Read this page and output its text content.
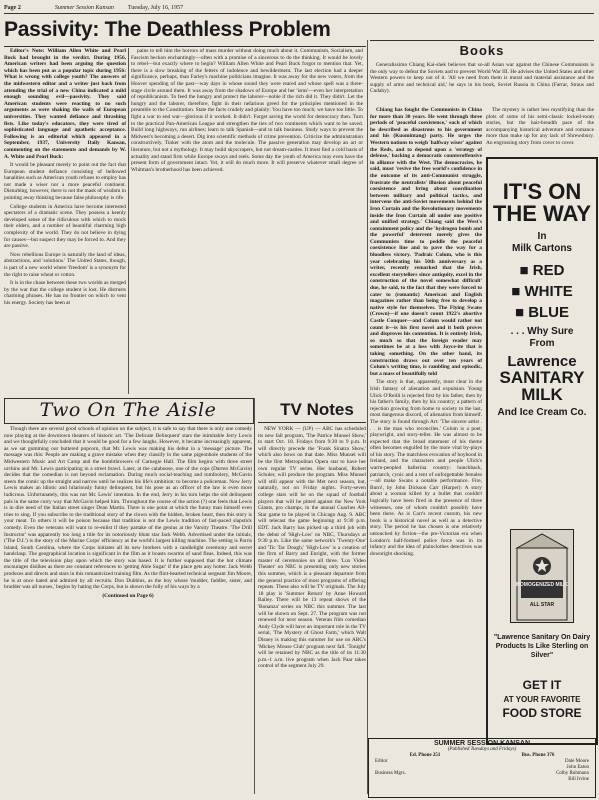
Page 2	Summer Session Kansan Tuesday, July 16, 1957
Passivity: The Deathless Problem

Editor's Note: William Allen White and Pearl Buck had brought in the verdict. During 1956, American writers had been arguing the question which has been put as a popular topic during 1956: What is wrong with college youth? The answers of the midwestern editor and a writer just back from attending the trial of a new China indicated a mild enough sounding evil—passivity. They said American students were reacting to no such arguments as were shaking the walls of European universities. They wanted defiance and thrashing fists. Like today's educators, they were tired of sophisticated language and apathetic acceptance. Following is an editorial which appeared in a September, 1937, University Daily Kansan, commenting on the statements and demands by W. A. White and Pearl Buck:

It would be pleasant merely to point out the fact that European student defiance consisting of bellowed banalities such as American youth refuses to employ has not made a wiser nor a more peaceful continent. Disturbing, however, there is not the mask of wisdom in pointing away thinking because false philosophy is rife.

College students in America have become interested spectators of a dramatic scene. They possess a keenly developed sense of the ridiculous with which to mock their elders, and a number of beautiful charming high complexity of the world. They do not believe in dying for causes—but suspect they may be forced to. And they are passive.

Now rebellious Europe is naturally the land of ideas, abstractions, and 'solutions.' The United States, though, is part of a new world where 'freedom' is a synonym for the right to raise wheat or cotton.

It is in the chase between these two worlds as merged by the war that the college student is lost. He distrusts charming phrases. He has no frontier on which to vent his energy. Society has been at

pains to tell him the horrors of mass murder without doing much about it. Communism, Socialism, and Fascism beckon enchantingly—often with a promise of a sincerous to do the thinking. It would be lovely to rebel—but exactly where to begin? William Allen White and Pearl Buck forgot to mention that. Yet, there is a slow breaking of the fetters of indolence and bewilderment. The last election had a deeper significance, perhaps, than Farley's machine politicians imagine. It was away for the new voters, from the Hoover spending of the past—way days in whose sound they were reared and whose spell was a three-stage circle around them. It was away from the shadows of Europe and her 'isms'—even her interpretation of republicanism. To feed the hungry and protect the laborer—noble if the rich did it. They didn't. Let the hungry and the laborer, therefore, fight in their nefarious greed for the principles mentioned in the preamble to the Constitution. State the facts crudely and plainly: You have too much; we have too little. To fight a war to end war—glorious if it worked. It didn't. Forget saving the world for democracy then. Turn to the practical Pan-American League and strengthen the ties of two continents which want to be saved. Build long highways, run airlines; learn to talk Spanish—and to talk business. Study ways to prevent the Midwest's becoming a desert. Dig into scientific methods of crime prevention. Criticize the administration constructively. Tinker with the atom and the molecule. The passive generation may develop an art or literature, but not a mythology. It may build skyscrapers, but not dream-castles. It must find a cold basis of actuality and stand firm while Europe sways and reels. Some day the youth of America may even have the present form of government intact. Yet, it will do much more. It will preserve whatever small degree of Whitman's brotherhood has been achieved.

Two On The Aisle

Though there are several good schools of opinion on the subject, it is safe to say that there is only one comedy now playing at the downtown theaters of historic art. 'The Delicate Delinquent' stars the inimitable Jerry Lewis and we thoughtfully concluded that it would be good for a few laughs. However, it became increasingly apparent, as we sat gumming our buttered popcorn, that Mr. Lewis was making his debut in a 'message' picture. The message was this: People are making a grave mistake when they classify in the same pigeonhole students of the Midwestern Music and Art Camp and the bombthrowers of Carnegie Hall. The film begins with three street urchins and Mr. Lewis participating in a street brawl. Later, at the calaboose, one of the cops (Darren McGavin) decides that the comedian is not beyond reclamation. During much social-teaching and tomfoolery, McGavin steers the comic up the straight and narrow until he realizes his life's ambition: to become a policeman. Now Jerry Lewis makes an idiotic and hilariously funny delinquent, but his pose as an officer of the law is even more ludicrous. Unfortunately, this was not Mr. Lewis' intention. In the end, Jerry in his turn helps the old delinquent pals in the same curry way that McGavin helped him. Throughout the course of the action (?) one feels that Lewis is in dire need of the Italian street singer Dean Martin. There is one point at which the funny man himself even tries to sing. If you subscribe to the traditional story of the clown with the hidden, broken heart, then this story is your meat. To others it will be poison because that tradition is not the Lewis tradition of fast-paced slapstick comedy. Even the veterans will want to re-enlist if they partake of the genius at the Varsity Theatre. 'The Drill Instructor' was apparently too long a title for its notoriously blunt star Jack Webb. Advertised under the initials, ('The D.I.') is the story of the Marine Corps' efficiency as the world's largest killing machine. The setting is Parris Island, South Carolina, where the Corps initiates all its new brothers with a candlelight ceremony and secret handclasp. The geographical location is significant in the film as it boasts swarms of sand fleas. Indeed, this was the title of the television play upon which the story was based. It is further supposed that the hot climate encourages dislikes as there are constant references to 'getting Able Sugar' if the place gets any hotter. Jack Webb produces and directs and stars in this romanticized training film. As the flint-hearted technical sergeant Jim Moore, he is at once hated and admired by all recruits. Don Dubbins, as the boy whose 'mudder, faddler, sister, and brudder was all nurses,' begins by hating the Corps, but is shown the folly of his ways by a

(Continued on Page 6)

TV Notes

NEW YORK — (UP) — ABC has scheduled its new fall program, 'The Patrice Munsel Show,' to start Oct. 18. Fridays from 9:30 to 9 p.m. It will directly precede the 'Frank Sinatra Show,' which also bows on that date. Miss Munsel will be the first Metropolitan Opera star to have her own regular TV series. Her husband, Robert Schuler, will produce the program. Miss Munsel will still appear with the Met next season, but, naturally, not on Friday nights. Forty-seven college stars will be on the squad of football players that will be pitted against the New York Giants, pro champs, in the annual Coaches All-Star game to be played in Chicago Aug. 9. ABC will telecast the game beginning at 9:30 p.m. EDT. Jack Barry has picked up a third job with the debut of 'High-Low' on NBC, Thursdays at 9:30 p.m. Like the same network's 'Twenty-One' and 'Tic Tac Dough,' 'High-Low' is a creation of the firm of Barry and Enright, with the former master of ceremonies on all three. 'Lux Video Theater' on NBC is presenting only new stories this summer, which is a pleasant departure from the general practice of most programs of offering repeats. These also will be TV originals. The July 18 play is 'Summer Return' by Anne Howard Bailey. There will be 13 repeat shows of the 'Bonanza' series on NBC this summer. The last will be shown on Sept. 27. The program was not renewed for next season. Veteran film comedian Andy Clyde will have an important role in the TV serial, 'The Mystery of Ghost Farm,' which Walt Disney is making this summer for use on ABC's 'Mickey Mouse Club' program next fall. 'Tonight' will be retained by NBC as the title of its 11:30 p.m.-1 a.m. live program when Jack Paar takes control of the segment July 29.

Books

Generalissimo Chiang Kai-shek believes that so-all Asian war against the Chinese Communists is the only way to defeat the Soviets and to prevent World War III. He advises the United States and other Western powers to keep out of it. 'All we need from them is moral and material assistance and the supply of arms and technical aid,' he says in his book, Soviet Russia in China (Farrar, Straus and Cudahy).

Chiang has fought the Communists in China for more than 30 years. He went through three periods of 'peaceful coexistence,' each of which he described as disastrous to his government and his (Kuomintang) party. He urges the Western nations to weigh 'halfway wiser' against the Reds, and to depend upon a 'strategy of defense,' backing a democratic counteroffensive in alliance with the West. The democracies, he said, must 'revive the free world's confidence in the outcome of its anti-Communist struggle, frustrate the neutralists' illusion about peaceful coexistence and bring about coordination between military and political tactics, and intervene the anti-Soviet movements behind the Iron Curtain and the Revolutionary movements inside the Iron Curtain all under one positive and unified strategy.' Chiang said the West's containment policy and the 'hydrogen bomb and the powerful' deterrent merely gives the Communists time to peddle the peaceful coexistence line and to pave the way for a bloodless victory. 'Padraic Colum, who is this year celebrating his 50th anniversary as a writer, recently remarked that the Irish, excellent storytellers since antiquity, excel in the construction of the novel somewhat difficult' due, he said, to the fact that they were forced to cater to (romantic) American and English magazines rather than being free to develop a native style for themselves. The Flying Swans (Crown)—if one doesn't count 1922's abortive Castle Conquer—and Colum would rather not count it—is his first novel and it both proves and disproves his contention. It is entirely Irish, so much so that the foreign reader may sometimes be at a loss with Joyce-ite that is taking something. On the other hand, its construction draws out over ten years of Colum's writing time, is rambling and episodic, but a mass of beautifully told

The story is that, apparently, most clear in the Irish fantasy of alienation and expulsion. Young Ulick O'Reilli is rejected first by his father, then by his father's family, then by his country; a pattern of rejection growing from home to society to the last, most dangerous discord, of alienation from himself. The story is found through Art: 'The sincere artist . . . is the man who reconciles.' Colum is a poet, playwright, and story-teller. He was almost to be expected that the broad statement of his theme often becomes engulfed by the more vital by-plays of his story. The matchless evocation of boyhood in Ireland, and the characters and people Ulick's warm-peopled ballerina country: hunchback, patriarch, cynic and a tent of unforgettable females—all make Swans a notable performance. Fire, Burn!, by John Dickson Carr (Harper): A story about a woman killed by a bullet that couldn't logically have been fired in the presence of three witnesses, one of whom couldn't possibly have been there. As is Carr's recent custom, his new book is a historical novel as well as a detective story. The period he has chosen is one relatively untouched by fiction—the pre-Victorian era when London's half-formed police force was in its infancy and the idea of plainclothes detectives was downright shocking.

The mystery is rather less mystifying than the plots of some of his semi-classic locked-room stories, but the hair-breadth pace of the accompanying historical adventure and romance more than make up for any lack of Shrewsbury. An engrossing story from cover to cover.

IT'S ON
THE WAY
In
Milk Cartons
■ RED
■ WHITE
■ BLUE
. . . Why Sure
From
Lawrence
SANITARY
MILK
And Ice Cream Co.
HOMOGENIZED MILK
ALL STAR
"Lawrence Sanitary On Dairy Products Is Like Sterling on Silver"
GET IT
AT YOUR FAVORITE
FOOD STORE
SUMMER SESSION KANSAN
(Published Tuesdays and Fridays)
Ed. Phone 251	Bus. Phone 376
Editor	Dale Moore
John Eaton
Business Mgrs.	Colby Ruhmann
Bill Irvine
